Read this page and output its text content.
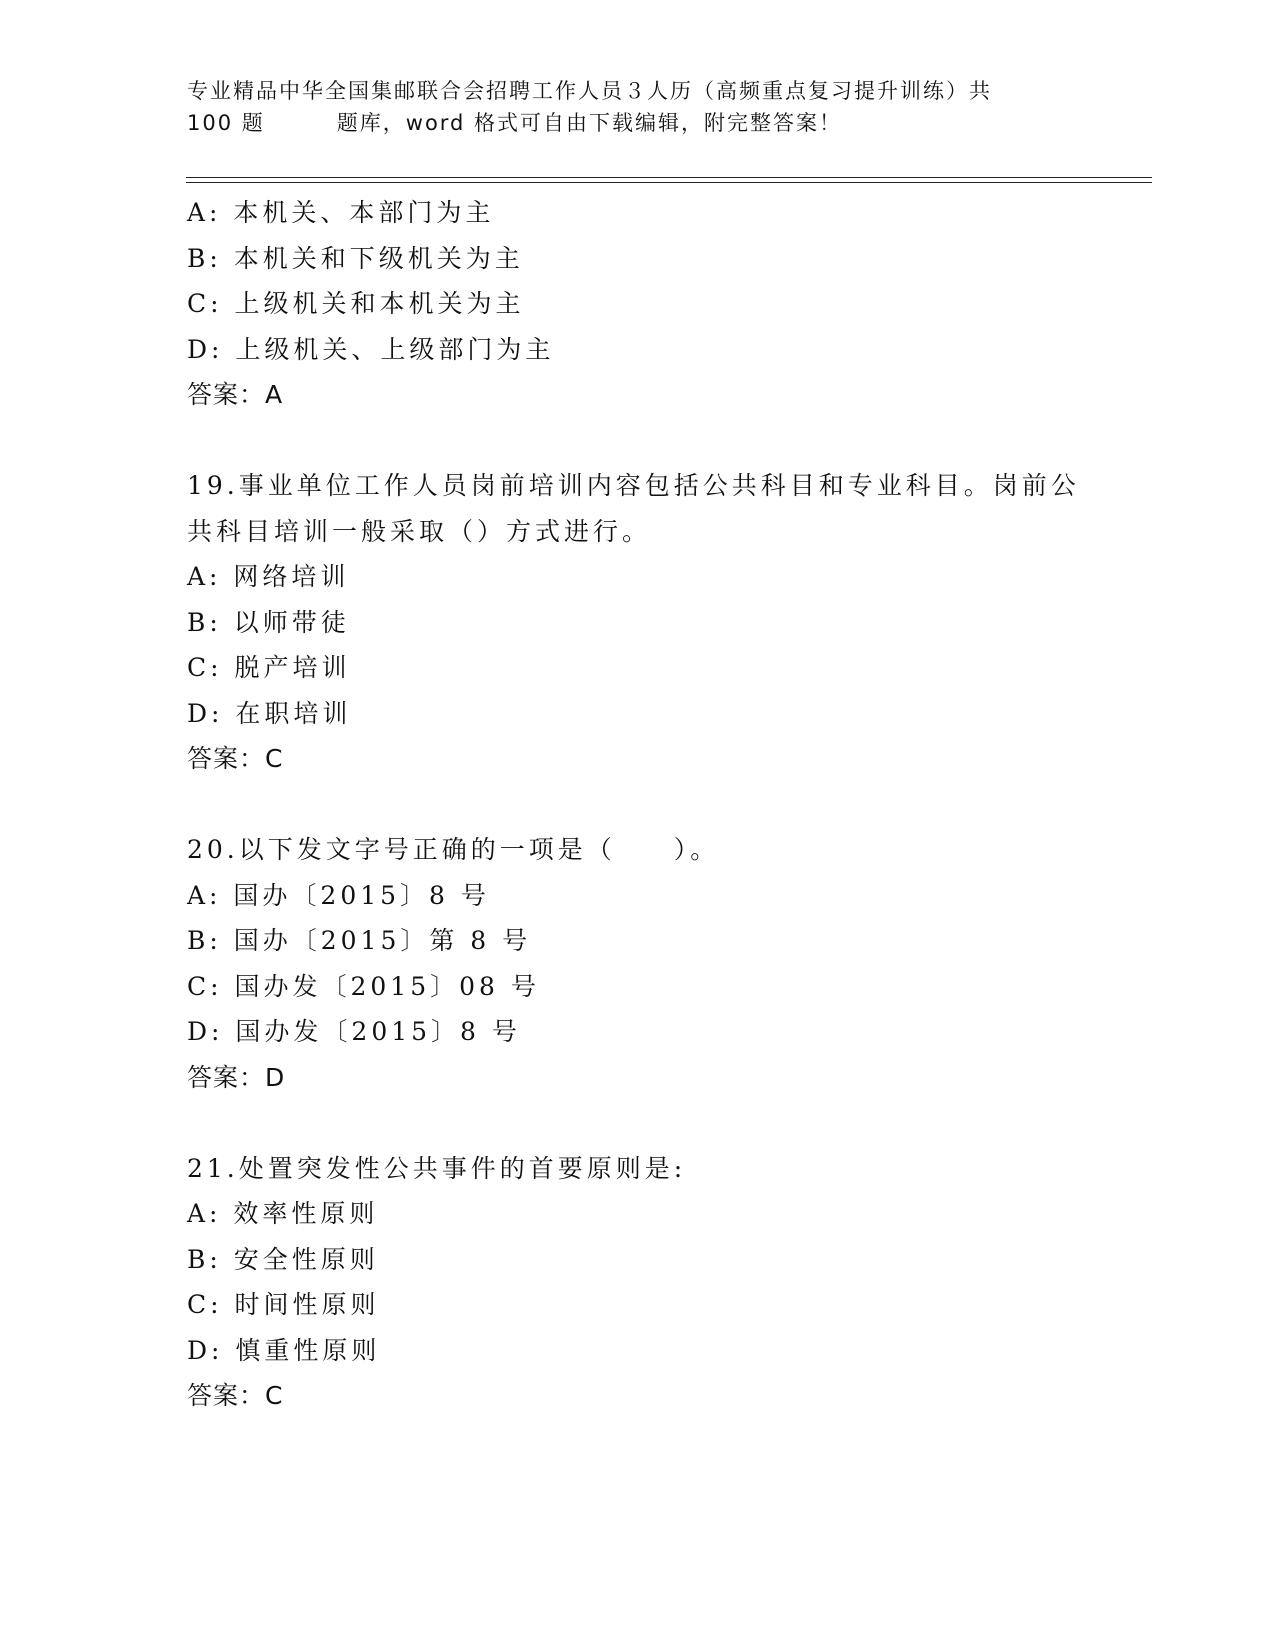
专业精品中华全国集邮联合会招聘工作人员３人历（高频重点复习提升训练）共
100 题	题库，word 格式可自由下载编辑，附完整答案！
A: 本机关、本部门为主
B: 本机关和下级机关为主
C: 上级机关和本机关为主
D: 上级机关、上级部门为主
答案：A
19.事业单位工作人员岗前培训内容包括公共科目和专业科目。岗前公
共科目培训一般采取（）方式进行。
A: 网络培训
B: 以师带徒
C: 脱产培训
D: 在职培训
答案：C
20.以下发文字号正确的一项是（　　）。
A: 国办〔2015〕8 号
B: 国办〔2015〕第 8 号
C: 国办发〔2015〕08 号
D: 国办发〔2015〕8 号
答案：D
21.处置突发性公共事件的首要原则是:
A: 效率性原则
B: 安全性原则
C: 时间性原则
D: 慎重性原则
答案：C
